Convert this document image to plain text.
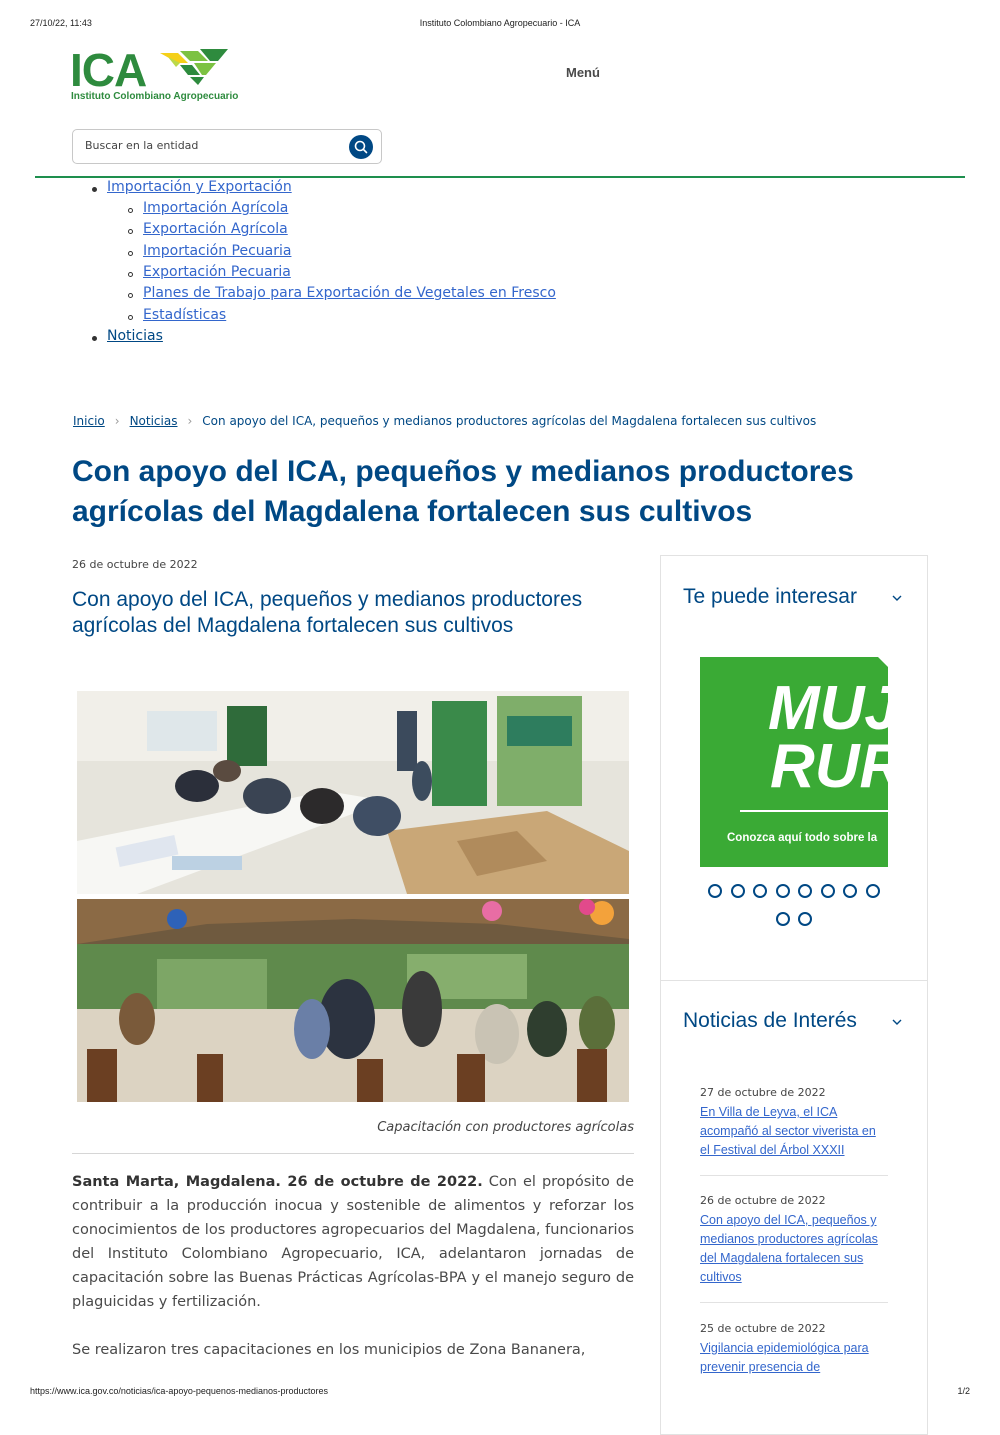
27/10/22, 11:43	Instituto Colombiano Agropecuario - ICA
ICA
Instituto Colombiano Agropecuario
Menú
Buscar en la entidad
Importación y Exportación
Importación Agrícola
Exportación Agrícola
Importación Pecuaria
Exportación Pecuaria
Planes de Trabajo para Exportación de Vegetales en Fresco
Estadísticas
Noticias
Inicio › Noticias › Con apoyo del ICA, pequeños y medianos productores agrícolas del Magdalena fortalecen sus cultivos
Con apoyo del ICA, pequeños y medianos productores agrícolas del Magdalena fortalecen sus cultivos
26 de octubre de 2022
Con apoyo del ICA, pequeños y medianos productores agrícolas del Magdalena fortalecen sus cultivos
Capacitación con productores agrícolas

Santa Marta, Magdalena. 26 de octubre de 2022. Con el propósito de contribuir a la producción inocua y sostenible de alimentos y reforzar los conocimientos de los productores agropecuarios del Magdalena, funcionarios del Instituto Colombiano Agropecuario, ICA, adelantaron jornadas de capacitación sobre las Buenas Prácticas Agrícolas-BPA y el manejo seguro de plaguicidas y fertilización.

Se realizaron tres capacitaciones en los municipios de Zona Bananera,

Te puede interesar
MUJ
RUR
Conozca aquí todo sobre la
Noticias de Interés
27 de octubre de 2022
En Villa de Leyva, el ICA acompañó al sector viverista en el Festival del Árbol XXXII
26 de octubre de 2022
Con apoyo del ICA, pequeños y medianos productores agrícolas del Magdalena fortalecen sus cultivos
25 de octubre de 2022
Vigilancia epidemiológica para prevenir presencia de
https://www.ica.gov.co/noticias/ica-apoyo-pequenos-medianos-productores	1/2
